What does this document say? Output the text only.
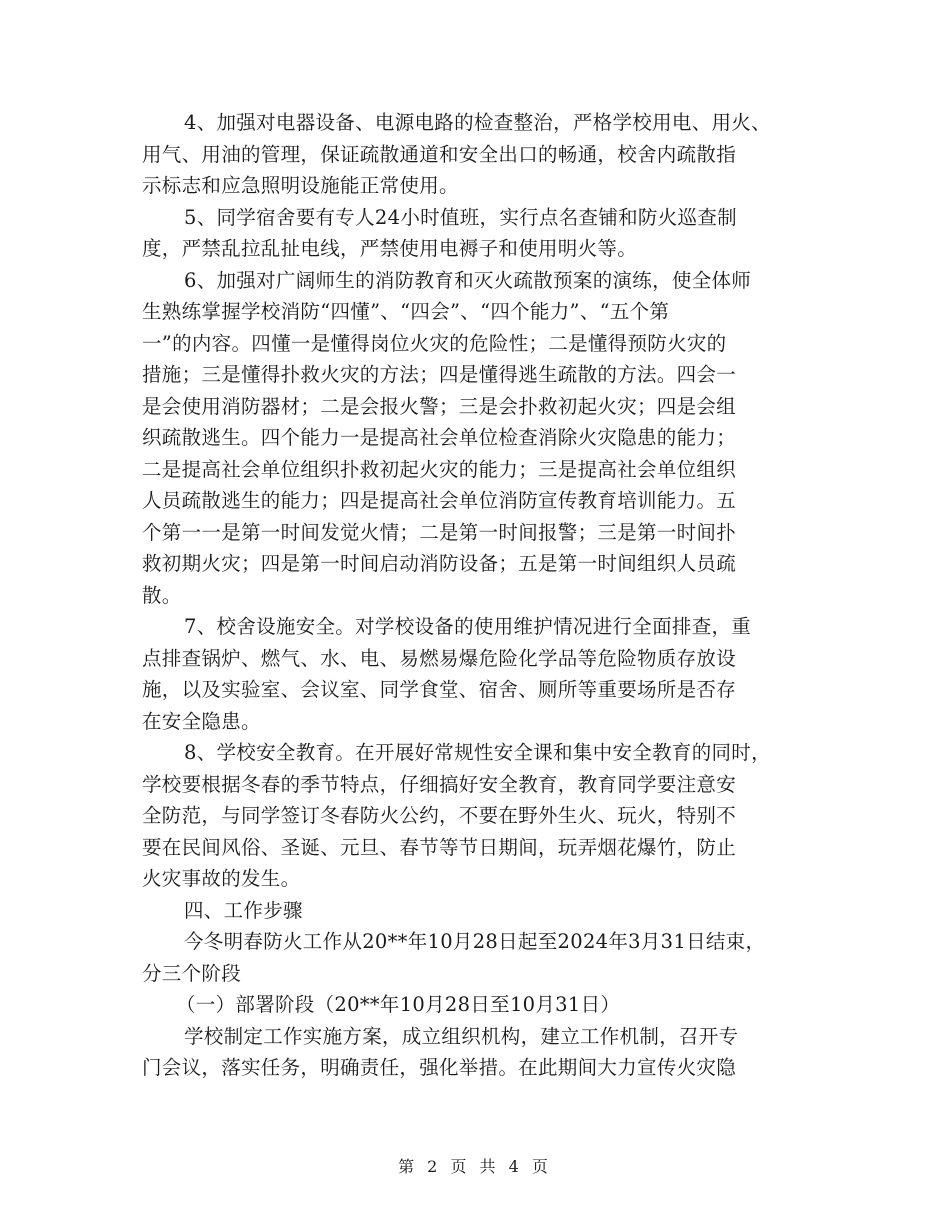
4、加强对电器设备、电源电路的检查整治，严格学校用电、用火、
用气、用油的管理，保证疏散通道和安全出口的畅通，校舍内疏散指
示标志和应急照明设施能正常使用。
5、同学宿舍要有专人24小时值班，实行点名查铺和防火巡查制
度，严禁乱拉乱扯电线，严禁使用电褥子和使用明火等。
6、加强对广阔师生的消防教育和灭火疏散预案的演练，使全体师
生熟练掌握学校消防“四懂”、“四会”、“四个能力”、“五个第
一”的内容。四懂一是懂得岗位火灾的危险性；二是懂得预防火灾的
措施；三是懂得扑救火灾的方法；四是懂得逃生疏散的方法。四会一
是会使用消防器材；二是会报火警；三是会扑救初起火灾；四是会组
织疏散逃生。四个能力一是提高社会单位检查消除火灾隐患的能力；
二是提高社会单位组织扑救初起火灾的能力；三是提高社会单位组织
人员疏散逃生的能力；四是提高社会单位消防宣传教育培训能力。五
个第一一是第一时间发觉火情；二是第一时间报警；三是第一时间扑
救初期火灾；四是第一时间启动消防设备；五是第一时间组织人员疏
散。
7、校舍设施安全。对学校设备的使用维护情况进行全面排查，重
点排查锅炉、燃气、水、电、易燃易爆危险化学品等危险物质存放设
施，以及实验室、会议室、同学食堂、宿舍、厕所等重要场所是否存
在安全隐患。
8、学校安全教育。在开展好常规性安全课和集中安全教育的同时，
学校要根据冬春的季节特点，仔细搞好安全教育，教育同学要注意安
全防范，与同学签订冬春防火公约，不要在野外生火、玩火，特别不
要在民间风俗、圣诞、元旦、春节等节日期间，玩弄烟花爆竹，防止
火灾事故的发生。
四、工作步骤
今冬明春防火工作从20**年10月28日起至2024年3月31日结束，
分三个阶段
（一）部署阶段（20**年10月28日至10月31日）
学校制定工作实施方案，成立组织机构，建立工作机制，召开专
门会议，落实任务，明确责任，强化举措。在此期间大力宣传火灾隐
第 2 页 共 4 页
